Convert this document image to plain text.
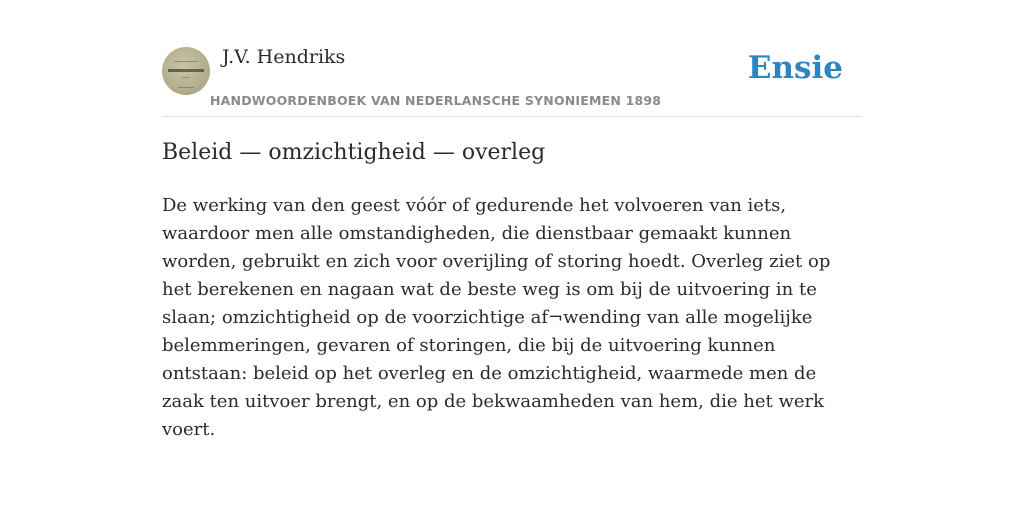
J.V. Hendriks
HANDWOORDENBOEK VAN NEDERLANSCHE SYNONIEMEN 1898
Ensie
Beleid — omzichtigheid — overleg

De werking van den geest vóór of gedurende het volvoeren van iets, waardoor men alle omstandigheden, die dienstbaar gemaakt kunnen worden, gebruikt en zich voor overijling of storing hoedt. Overleg ziet op het berekenen en nagaan wat de beste weg is om bij de uitvoering in te slaan; omzichtigheid op de voorzichtige af¬wending van alle mogelijke belemmeringen, gevaren of storingen, die bij de uitvoering kunnen ontstaan: beleid op het overleg en de omzichtigheid, waarmede men de zaak ten uitvoer brengt, en op de bekwaamheden van hem, die het werk voert.
